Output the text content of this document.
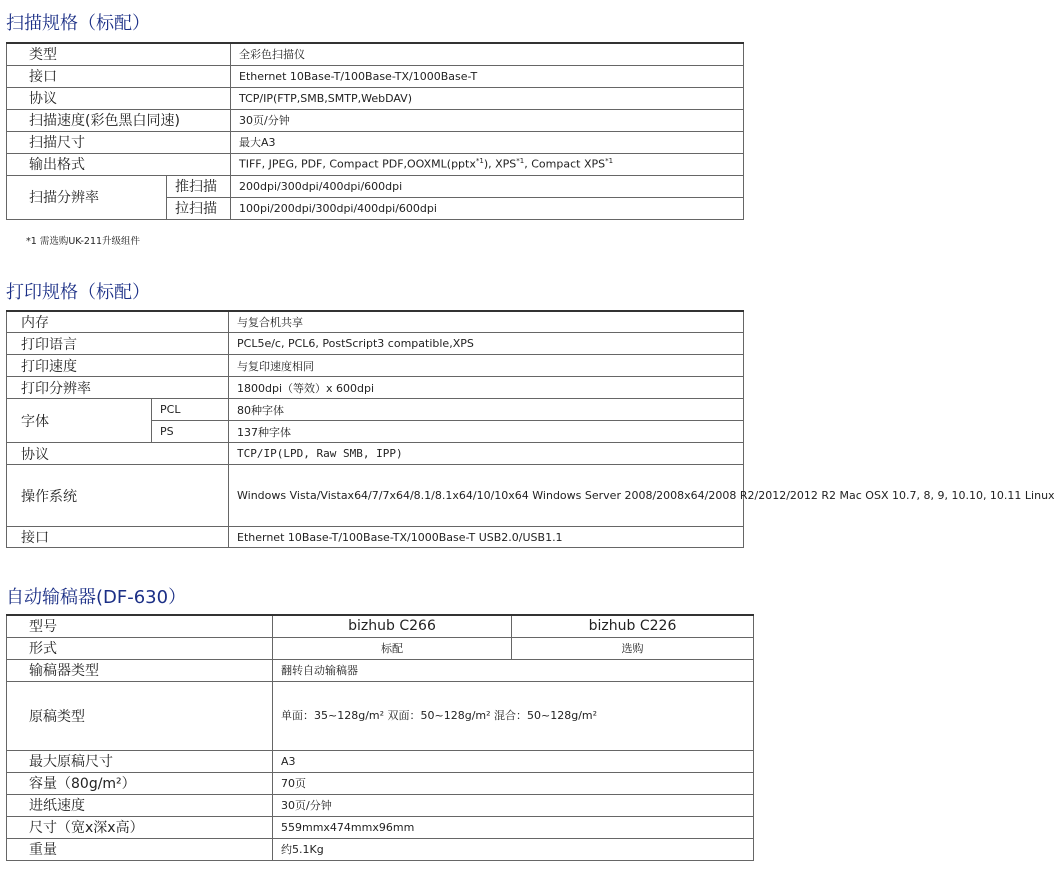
扫描规格（标配）
类型		全彩色扫描仪
接口		Ethernet 10Base-T/100Base-TX/1000Base-T
协议		TCP/IP(FTP,SMB,SMTP,WebDAV)
扫描速度(彩色黑白同速)		30页/分钟
扫描尺寸		最大A3
输出格式		TIFF, JPEG, PDF, Compact PDF,OOXML(pptx$^{*1}$), XPS$^{*1}$, Compact XPS$^{*1}$
扫描分辨率	推扫描	200dpi/300dpi/400dpi/600dpi
	拉扫描	100pi/200dpi/300dpi/400dpi/600dpi
*1 需选购UK-211升级组件
打印规格（标配）
内存		与复合机共享
打印语言		PCL5e/c, PCL6, PostScript3 compatible,XPS
打印速度		与复印速度相同
打印分辨率		1800dpi（等效）x 600dpi
字体	PCL	80种字体
	PS	137种字体
协议		TCP/IP(LPD, Raw SMB, IPP)
操作系统		Windows Vista/Vistax64/7/7x64/8.1/8.1x64/10/10x64 Windows Server 2008/2008x64/2008 R2/2012/2012 R2 Mac OSX 10.7, 8, 9, 10.10, 10.11 Linux
接口		Ethernet 10Base-T/100Base-TX/1000Base-T USB2.0/USB1.1
自动输稿器(DF-630）
型号	bizhub C266	bizhub C226
形式	标配	选购
输稿器类型	翻转自动输稿器	
原稿类型	单面：35~128g/m² 双面：50~128g/m² 混合：50~128g/m²	
最大原稿尺寸	A3	
容量（80g/m²）	70页	
进纸速度	30页/分钟	
尺寸（宽x深x高）	559mmx474mmx96mm	
重量	约5.1Kg	
